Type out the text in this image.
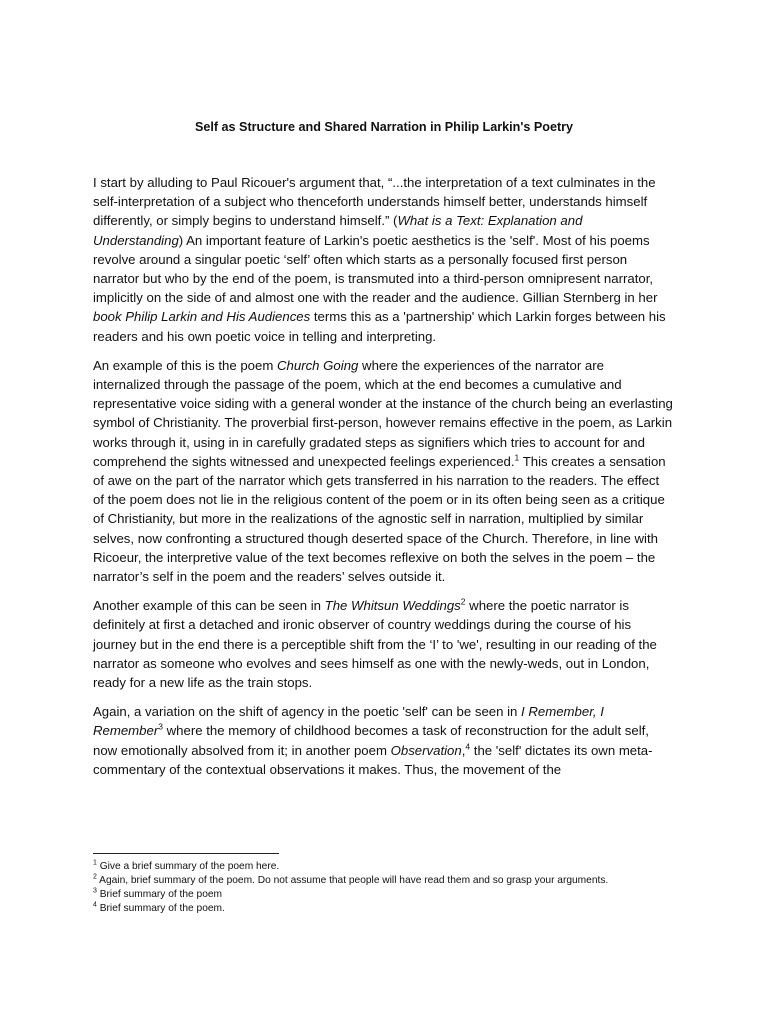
Self as Structure and Shared Narration in Philip Larkin's Poetry

I start by alluding to Paul Ricouer's argument that, “...the interpretation of a text culminates in the self-interpretation of a subject who thenceforth understands himself better, understands himself differently, or simply begins to understand himself.” (What is a Text: Explanation and Understanding) An important feature of Larkin's poetic aesthetics is the 'self'. Most of his poems revolve around a singular poetic ‘self’ often which starts as a personally focused first person narrator but who by the end of the poem, is transmuted into a third-person omnipresent narrator, implicitly on the side of and almost one with the reader and the audience. Gillian Sternberg in her book Philip Larkin and His Audiences terms this as a 'partnership' which Larkin forges between his readers and his own poetic voice in telling and interpreting.

An example of this is the poem Church Going where the experiences of the narrator are internalized through the passage of the poem, which at the end becomes a cumulative and representative voice siding with a general wonder at the instance of the church being an everlasting symbol of Christianity. The proverbial first-person, however remains effective in the poem, as Larkin works through it, using in in carefully gradated steps as signifiers which tries to account for and comprehend the sights witnessed and unexpected feelings experienced.$^1$ This creates a sensation of awe on the part of the narrator which gets transferred in his narration to the readers. The effect of the poem does not lie in the religious content of the poem or in its often being seen as a critique of Christianity, but more in the realizations of the agnostic self in narration, multiplied by similar selves, now confronting a structured though deserted space of the Church. Therefore, in line with Ricoeur, the interpretive value of the text becomes reflexive on both the selves in the poem – the narrator’s self in the poem and the readers’ selves outside it.

Another example of this can be seen in The Whitsun Weddings$^2$ where the poetic narrator is definitely at first a detached and ironic observer of country weddings during the course of his journey but in the end there is a perceptible shift from the ‘I’ to 'we', resulting in our reading of the narrator as someone who evolves and sees himself as one with the newly-weds, out in London, ready for a new life as the train stops.

Again, a variation on the shift of agency in the poetic 'self' can be seen in I Remember, I Remember$^3$ where the memory of childhood becomes a task of reconstruction for the adult self, now emotionally absolved from it; in another poem Observation,$^4$ the 'self' dictates its own meta-commentary of the contextual observations it makes. Thus, the movement of the

$^1$ Give a brief summary of the poem here.
$^2$ Again, brief summary of the poem. Do not assume that people will have read them and so grasp your arguments.
$^3$ Brief summary of the poem
$^4$ Brief summary of the poem.
